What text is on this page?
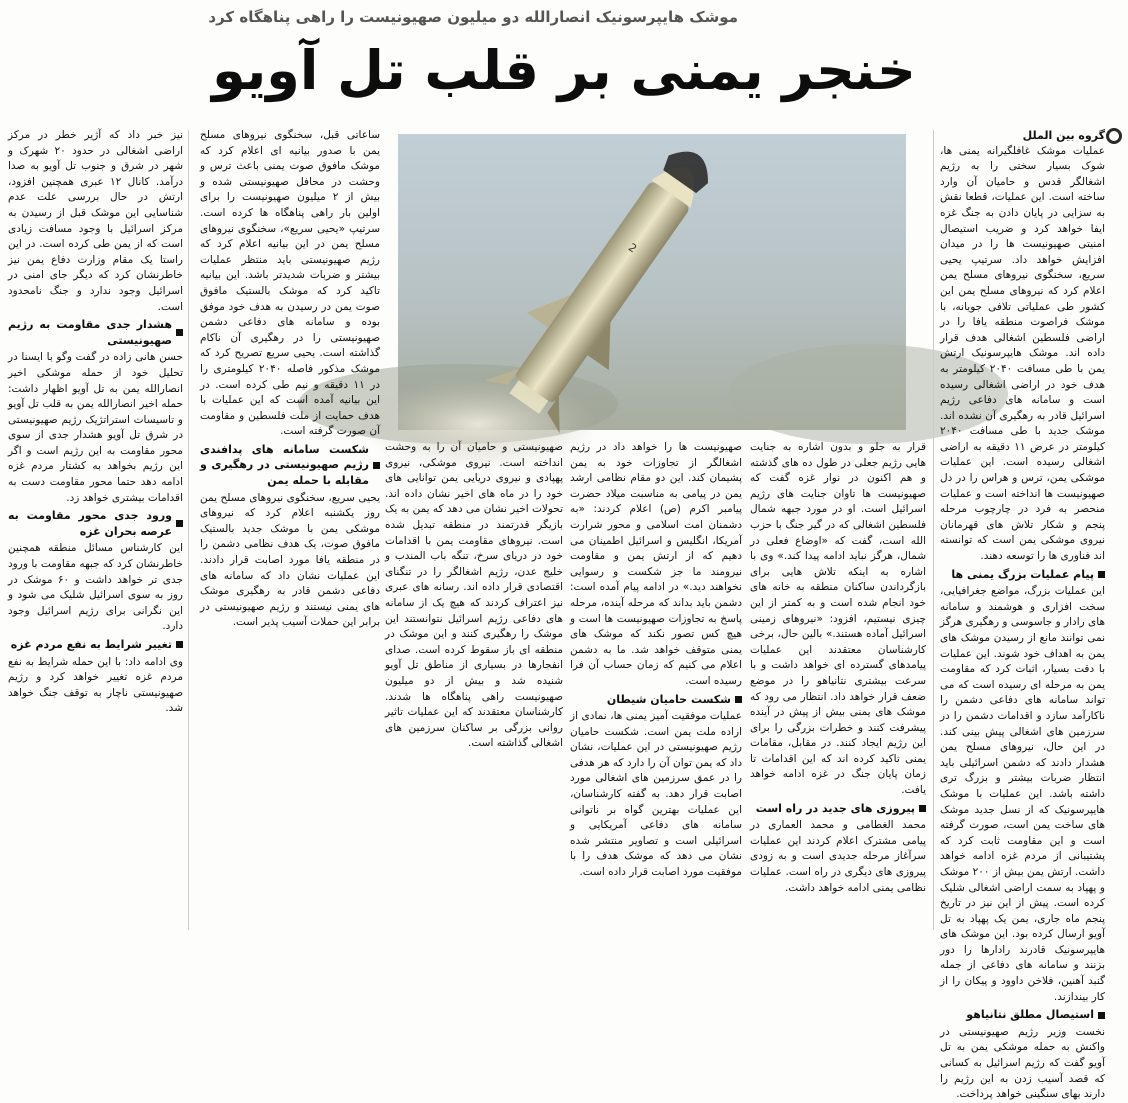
موشک هایپرسونیک انصارالله دو میلیون صهیونیست را راهی پناهگاه کرد
خنجر یمنی بر قلب تل آویو
2
گروه بین الملل

عملیات موشک غافلگیرانه یمنی ها، شوک بسیار سختی را به رژیم اشغالگر قدس و حامیان آن وارد ساخته است. این عملیات، قطعا نقش به سزایی در پایان دادن به جنگ غزه ایفا خواهد کرد و ضریب استیصال امنیتی صهیونیست ها را در میدان افزایش خواهد داد. سرتیپ یحیی سریع، سخنگوی نیروهای مسلح یمن اعلام کرد که نیروهای مسلح یمن این کشور طی عملیاتی تلافی جویانه، با موشک فراصوت منطقه یافا را در اراضی فلسطین اشغالی هدف قرار داده اند. موشک هایپرسونیک ارتش یمن با طی مسافت ۲۰۴۰ کیلومتر به هدف خود در اراضی اشغالی رسیده است و سامانه های دفاعی رژیم اسرائیل قادر به رهگیری آن نشده اند. موشک جدید با طی مسافت ۲۰۴۰ کیلومتر در عرض ۱۱ دقیقه به اراضی اشغالی رسیده است. این عملیات موشکی یمن، ترس و هراس را در دل صهیونیست ها انداخته است و عملیات منحصر به فرد در چارچوب مرحله پنجم و شکار تلاش های قهرمانان نیروی موشکی یمن است که توانسته اند فناوری ها را توسعه دهند.

پیام عملیات بزرگ یمنی ها

این عملیات بزرگ، مواضع جغرافیایی، سخت افزاری و هوشمند و سامانه های رادار و جاسوسی و رهگیری هرگز نمی توانند مانع از رسیدن موشک های یمن به اهداف خود شوند. این عملیات با دقت بسیار، اثبات کرد که مقاومت یمن به مرحله ای رسیده است که می تواند سامانه های دفاعی دشمن را ناکارآمد سازد و اقدامات دشمن را در سرزمین های اشغالی پیش بینی کند. در این حال، نیروهای مسلح یمن هشدار دادند که دشمن اسرائیلی باید انتظار ضربات بیشتر و بزرگ تری داشته باشد. این عملیات با موشک هایپرسونیک که از نسل جدید موشک های ساخت یمن است، صورت گرفته است و این مقاومت ثابت کرد که پشتیبانی از مردم غزه ادامه خواهد داشت. ارتش یمن بیش از ۲۰۰ موشک و پهپاد به سمت اراضی اشغالی شلیک کرده است. پیش از این نیز در تاریخ پنجم ماه جاری، یمن یک پهپاد به تل آویو ارسال کرده بود. این موشک های هایپرسونیک قادرند رادارها را دور بزنند و سامانه های دفاعی از جمله گنبد آهنین، فلاخن داوود و پیکان را از کار بیندازند.

استیصال مطلق نتانیاهو

نخست وزیر رژیم صهیونیستی در واکنش به حمله موشکی یمن به تل آویو گفت که رژیم اسرائیل به کسانی که قصد آسیب زدن به این رژیم را دارند بهای سنگینی خواهد پرداخت.

قرار به جلو و بدون اشاره به جنایت هایی رژیم جعلی در طول ده های گذشته و هم اکنون در نوار غزه گفت که صهیونیست ها تاوان جنایت های رژیم اسرائیل است. او در مورد جبهه شمال فلسطین اشغالی که در گیر جنگ با حزب الله است، گفت که «اوضاع فعلی در شمال، هرگز نباید ادامه پیدا کند.» وی با اشاره به اینکه تلاش هایی برای بازگرداندن ساکنان منطقه به خانه های خود انجام شده است و به کمتر از این چیزی نیستیم، افزود: «نیروهای زمینی اسرائیل آماده هستند.» بالین حال، برخی کارشناسان معتقدند این عملیات پیامدهای گسترده ای خواهد داشت و با سرعت بیشتری نتانیاهو را در موضع ضعف قرار خواهد داد. انتظار می رود که موشک های یمنی بیش از پیش در آینده پیشرفت کنند و خطرات بزرگی را برای این رژیم ایجاد کنند. در مقابل، مقامات یمنی تاکید کرده اند که این اقدامات تا زمان پایان جنگ در غزه ادامه خواهد یافت.

پیروزی های جدید در راه است

محمد الغطامی و محمد العماری در پیامی مشترک اعلام کردند این عملیات سرآغاز مرحله جدیدی است و به زودی پیروزی های دیگری در راه است. عملیات نظامی یمنی ادامه خواهد داشت.

صهیونیست ها را خواهد داد در رژیم اشغالگر از تجاوزات خود به یمن پشیمان کند. این دو مقام نظامی ارشد یمن در پیامی به مناسبت میلاد حضرت پیامبر اکرم (ص) اعلام کردند: «به دشمنان امت اسلامی و محور شرارت آمریکا، انگلیس و اسرائیل اطمینان می دهیم که از ارتش یمن و مقاومت نیرومند ما جز شکست و رسوایی نخواهند دید.» در ادامه پیام آمده است: دشمن باید بداند که مرحله آینده، مرحله پاسخ به تجاوزات صهیونیست ها است و هیچ کس تصور نکند که موشک های یمنی متوقف خواهد شد. ما به دشمن اعلام می کنیم که زمان حساب آن فرا رسیده است.

شکست حامیان شیطان

عملیات موفقیت آمیز یمنی ها، نمادی از اراده ملت یمن است. شکست حامیان رژیم صهیونیستی در این عملیات، نشان داد که یمن توان آن را دارد که هر هدفی را در عمق سرزمین های اشغالی مورد اصابت قرار دهد. به گفته کارشناسان، این عملیات بهترین گواه بر ناتوانی سامانه های دفاعی آمریکایی و اسرائیلی است و تصاویر منتشر شده نشان می دهد که موشک هدف را با موفقیت مورد اصابت قرار داده است.

صهیونیستی و حامیان آن را به وحشت انداخته است. نیروی موشکی، نیروی پهپادی و نیروی دریایی یمن توانایی های خود را در ماه های اخیر نشان داده اند. تحولات اخیر نشان می دهد که یمن به یک بازیگر قدرتمند در منطقه تبدیل شده است. نیروهای مقاومت یمن با اقدامات خود در دریای سرخ، تنگه باب المندب و خلیج عدن، رژیم اشغالگر را در تنگنای اقتصادی قرار داده اند. رسانه های عبری نیز اعتراف کردند که هیچ یک از سامانه های دفاعی رژیم اسرائیل نتوانستند این موشک را رهگیری کنند و این موشک در منطقه ای باز سقوط کرده است. صدای انفجارها در بسیاری از مناطق تل آویو شنیده شد و بیش از دو میلیون صهیونیست راهی پناهگاه ها شدند. کارشناسان معتقدند که این عملیات تاثیر روانی بزرگی بر ساکنان سرزمین های اشغالی گذاشته است.

ساعاتی قبل، سخنگوی نیروهای مسلح یمن با صدور بیانیه ای اعلام کرد که موشک مافوق صوت یمنی باعث ترس و وحشت در محافل صهیونیستی شده و بیش از ۲ میلیون صهیونیست را برای اولین بار راهی پناهگاه ها کرده است. سرتیپ «یحیی سریع»، سخنگوی نیروهای مسلح یمن در این بیانیه اعلام کرد که رژیم صهیونیستی باید منتظر عملیات بیشتر و ضربات شدیدتر باشد. این بیانیه تاکید کرد که موشک بالستیک مافوق صوت یمن در رسیدن به هدف خود موفق بوده و سامانه های دفاعی دشمن صهیونیستی را در رهگیری آن ناکام گذاشته است. یحیی سریع تصریح کرد که موشک مذکور فاصله ۲۰۴۰ کیلومتری را در ۱۱ دقیقه و نیم طی کرده است. در این بیانیه آمده است که این عملیات با هدف حمایت از ملت فلسطین و مقاومت آن صورت گرفته است.

شکست سامانه های پدافندی رژیم صهیونیستی در رهگیری و مقابله با حمله یمن

یحیی سریع، سخنگوی نیروهای مسلح یمن روز یکشنبه اعلام کرد که نیروهای موشکی یمن با موشک جدید بالستیک مافوق صوت، یک هدف نظامی دشمن را در منطقه یافا مورد اصابت قرار دادند. این عملیات نشان داد که سامانه های دفاعی دشمن قادر به رهگیری موشک های یمنی نیستند و رژیم صهیونیستی در برابر این حملات آسیب پذیر است.

نیز خبر داد که آژیر خطر در مرکز اراضی اشغالی در حدود ۲۰ شهرک و شهر در شرق و جنوب تل آویو به صدا درآمد. کانال ۱۲ عبری همچنین افزود، ارتش در حال بررسی علت عدم شناسایی این موشک قبل از رسیدن به مرکز اسرائیل با وجود مسافت زیادی است که از یمن طی کرده است. در این راستا یک مقام وزارت دفاع یمن نیز خاطرنشان کرد که دیگر جای امنی در اسرائیل وجود ندارد و جنگ نامحدود است.

هشدار جدی مقاومت به رژیم صهیونیستی

حسن هانی زاده در گفت وگو با ایسنا در تحلیل خود از حمله موشکی اخیر انصارالله یمن به تل آویو اظهار داشت: حمله اخیر انصارالله یمن به قلب تل آویو و تاسیسات استراتژیک رژیم صهیونیستی در شرق تل آویو هشدار جدی از سوی محور مقاومت به این رژیم است و اگر این رژیم بخواهد به کشتار مردم غزه ادامه دهد حتما محور مقاومت دست به اقدامات بیشتری خواهد زد.

ورود جدی محور مقاومت به عرصه بحران غزه

این کارشناس مسائل منطقه همچنین خاطرنشان کرد که جبهه مقاومت با ورود جدی تر خواهد داشت و ۶۰ موشک در روز به سوی اسرائیل شلیک می شود و این نگرانی برای رژیم اسرائیل وجود دارد.

تغییر شرایط به نفع مردم غزه

وی ادامه داد: با این حمله شرایط به نفع مردم غزه تغییر خواهد کرد و رژیم صهیونیستی ناچار به توقف جنگ خواهد شد.
